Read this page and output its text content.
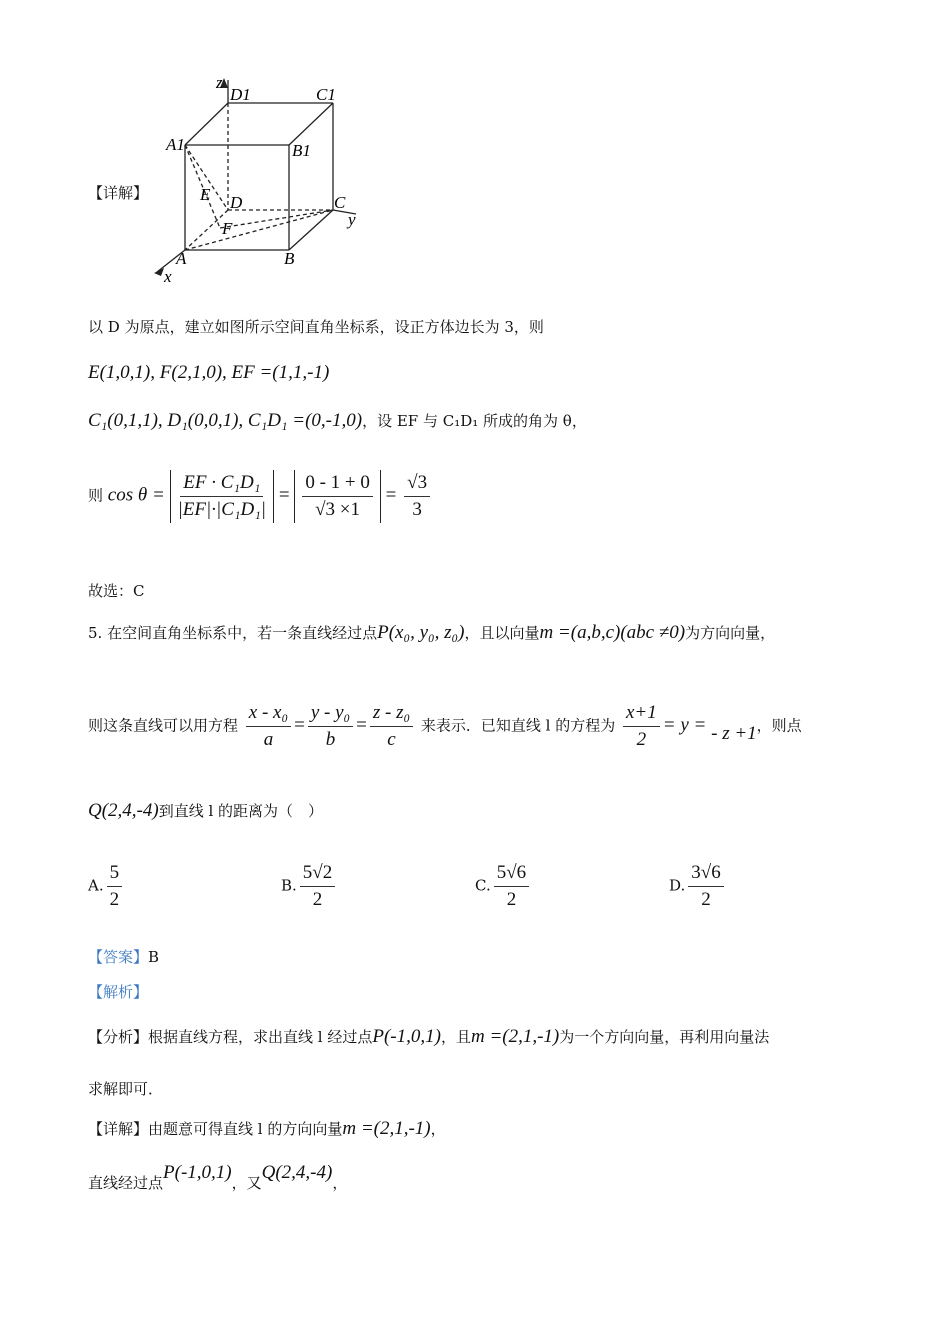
z
D1	C1
A1	B1
E D	C
y
F
A	B
x
【详解】
以 D 为原点，建立如图所示空间直角坐标系，设正方体边长为 3，则
E(1,0,1), F(2,1,0), EF =(1,1,-1)
C₁(0,1,1), D₁(0,0,1), C₁D₁ =(0,-1,0)，设 EF 与 C₁D₁ 所成的角为 θ，
则 $\cos \theta = \frac{\text{EF · C₁D₁}}{\text{|EF|·|C₁D₁|}} = \frac{0 - 1 + 0}{√3 \times 1} = \frac{√3}{3}$
故选：C
5. 在空间直角坐标系中，若一条直线经过点P(x₀, y₀, z₀)，且以向量m =(a,b,c)(abc ≠0)为方向向量，
则这条直线可以用方程 $\frac{\text{x - x₀}}{a} = \frac{\text{y - y₀}}{b} = \frac{\text{z - z₀}}{c}$ 来表示．已知直线 l 的方程为 $\frac{x+1}{2} = y$ = - z +1，则点
Q(2,4,-4)到直线 l 的距离为（　）
A. $\frac{5}{2}$	B. $\frac{5√2}{2}$	C. $\frac{5√6}{2}$	D. $\frac{3√6}{2}$
【答案】B
【解析】
【分析】根据直线方程，求出直线 l 经过点P(-1,0,1)，且m =(2,1,-1)为一个方向向量，再利用向量法
求解即可．
【详解】由题意可得直线 l 的方向向量m =(2,1,-1)，
直线经过点P(-1,0,1)，又Q(2,4,-4)，
